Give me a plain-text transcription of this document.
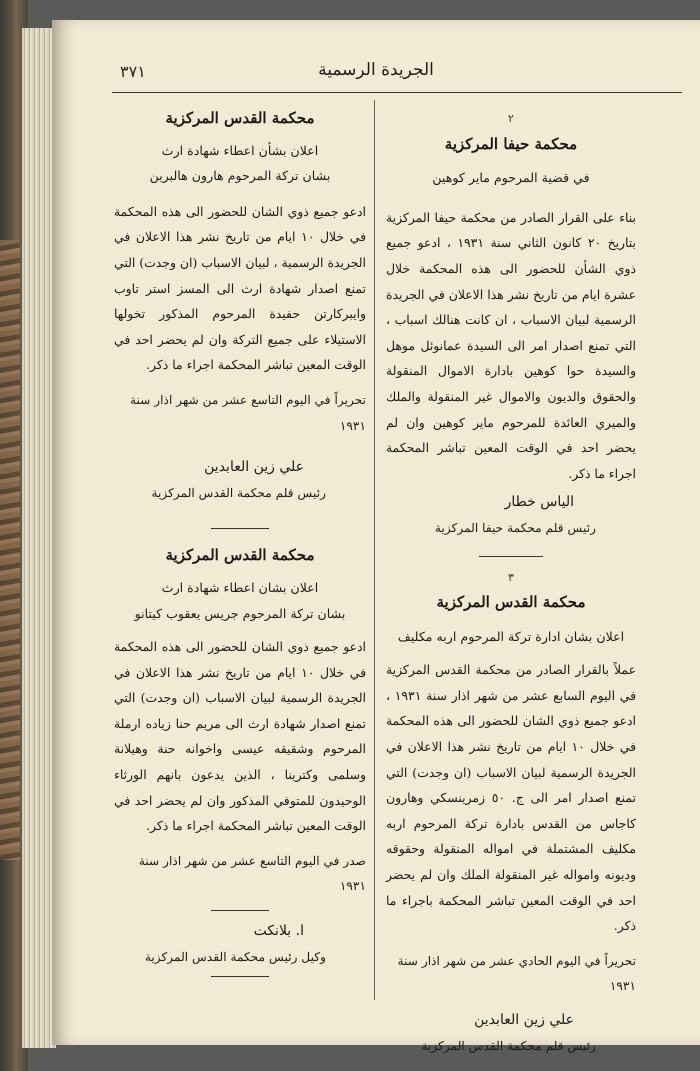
٣٧١	الجريدة الرسمية
٢

محكمة حيفا المركزية

في قضية المرحوم ماير كوهين

بناء على القرار الصادر من محكمة حيفا المركزية بتاريخ ٢٠ كانون الثاني سنة ١٩٣١ ، ادعو جميع ذوي الشأن للحضور الى هذه المحكمة خلال عشرة ايام من تاريخ نشر هذا الاعلان في الجريدة الرسمية لبيان الاسباب ، ان كانت هنالك اسباب ، التي تمنع اصدار امر الى السيدة عمانوئل موهل والسيدة حوا كوهين بادارة الاموال المنقولة والحقوق والديون والاموال غير المنقولة والملك والميري العائدة للمرحوم ماير كوهين وان لم يحضر احد في الوقت المعين تباشر المحكمة اجراء ما ذكر.

الياس خطار

رئيس قلم محكمة حيفا المركزية

٣

محكمة القدس المركزية

اعلان بشان ادارة تركة المرحوم اربه مكليف

عملاً بالقرار الصادر من محكمة القدس المركزية في اليوم السابع عشر من شهر اذار سنة ١٩٣١ ، ادعو جميع ذوي الشان للحضور الى هذه المحكمة في خلال ١٠ ايام من تاريخ نشر هذا الاعلان في الجريدة الرسمية لبيان الاسباب (ان وجدت) التي تمنع اصدار امر الى ج. ٥٠ زمرينسكي وهارون كاجاس من القدس بادارة تركة المرحوم اربه مكليف المشتملة في امواله المنقولة وحقوقه وديونه وامواله غير المنقولة الملك وان لم يحضر احد في الوقت المعين تباشر المحكمة باجراء ما ذكر.

تحريراً في اليوم الحادي عشر من شهر اذار سنة ١٩٣١

علي زين العابدين

رئيس قلم محكمة القدس المركزية

محكمة القدس المركزية

اعلان بشأن اعطاء شهادة ارث

بشان تركة المرحوم هارون هالبرين

ادعو جميع ذوي الشان للحضور الى هذه المحكمة في خلال ١٠ ايام من تاريخ نشر هذا الاعلان في الجريدة الرسمية ، لبيان الاسباب (ان وجدت) التي تمنع اصدار شهادة ارث الى المسز استر تاوب وايبركارتن حفيدة المرحوم المذكور تخولها الاستيلاء على جميع التركة وان لم يحضر احد في الوقت المعين تباشر المحكمة اجراء ما ذكر.

تحريراً في اليوم التاسع عشر من شهر اذار سنة ١٩٣١

علي زين العابدين

رئيس قلم محكمة القدس المركزية

محكمة القدس المركزية

اعلان بشان اعطاء شهادة ارث

بشان تركة المرحوم جريس يعقوب كيتانو

ادعو جميع ذوي الشان للحضور الى هذه المحكمة في خلال ١٠ ايام من تاريخ نشر هذا الاعلان في الجريدة الرسمية لبيان الاسباب (ان وجدت) التي تمنع اصدار شهادة ارث الى مريم حنا زياده ارملة المرحوم وشقيقه عيسى واخوانه حنة وهيلانة وسلمى وكترينا ، الذين يدعون بانهم الورثاء الوحيدون للمتوفي المذكور وان لم يحضر احد في الوقت المعين تباشر المحكمة اجراء ما ذكر.

صدر في اليوم التاسع عشر من شهر اذار سنة ١٩٣١

ا. بلانكت

وكيل رئيس محكمة القدس المركزية
